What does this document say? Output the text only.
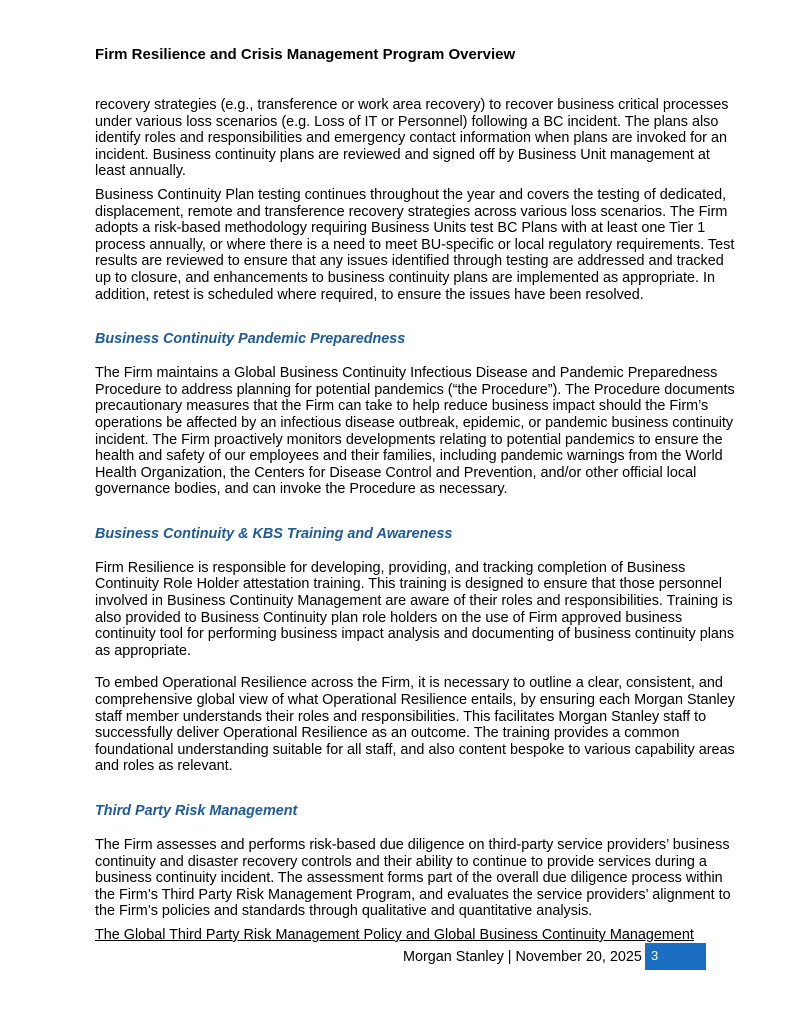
Firm Resilience and Crisis Management Program Overview

recovery strategies (e.g., transference or work area recovery) to recover business critical processes under various loss scenarios (e.g. Loss of IT or Personnel) following a BC incident. The plans also identify roles and responsibilities and emergency contact information when plans are invoked for an incident. Business continuity plans are reviewed and signed off by Business Unit management at least annually.

Business Continuity Plan testing continues throughout the year and covers the testing of dedicated, displacement, remote and transference recovery strategies across various loss scenarios. The Firm adopts a risk-based methodology requiring Business Units test BC Plans with at least one Tier 1 process annually, or where there is a need to meet BU-specific or local regulatory requirements. Test results are reviewed to ensure that any issues identified through testing are addressed and tracked up to closure, and enhancements to business continuity plans are implemented as appropriate. In addition, retest is scheduled where required, to ensure the issues have been resolved.

Business Continuity Pandemic Preparedness

The Firm maintains a Global Business Continuity Infectious Disease and Pandemic Preparedness Procedure to address planning for potential pandemics (“the Procedure”). The Procedure documents precautionary measures that the Firm can take to help reduce business impact should the Firm’s operations be affected by an infectious disease outbreak, epidemic, or pandemic business continuity incident. The Firm proactively monitors developments relating to potential pandemics to ensure the health and safety of our employees and their families, including pandemic warnings from the World Health Organization, the Centers for Disease Control and Prevention, and/or other official local governance bodies, and can invoke the Procedure as necessary.

Business Continuity & KBS Training and Awareness

Firm Resilience is responsible for developing, providing, and tracking completion of Business Continuity Role Holder attestation training. This training is designed to ensure that those personnel involved in Business Continuity Management are aware of their roles and responsibilities. Training is also provided to Business Continuity plan role holders on the use of Firm approved business continuity tool for performing business impact analysis and documenting of business continuity plans as appropriate.

To embed Operational Resilience across the Firm, it is necessary to outline a clear, consistent, and comprehensive global view of what Operational Resilience entails, by ensuring each Morgan Stanley staff member understands their roles and responsibilities. This facilitates Morgan Stanley staff to successfully deliver Operational Resilience as an outcome. The training provides a common foundational understanding suitable for all staff, and also content bespoke to various capability areas and roles as relevant.

Third Party Risk Management

The Firm assesses and performs risk-based due diligence on third-party service providers’ business continuity and disaster recovery controls and their ability to continue to provide services during a business continuity incident. The assessment forms part of the overall due diligence process within the Firm’s Third Party Risk Management Program, and evaluates the service providers’ alignment to the Firm’s policies and standards through qualitative and quantitative analysis.

The Global Third Party Risk Management Policy and Global Business Continuity Management

Morgan Stanley | November 20, 2025 3
